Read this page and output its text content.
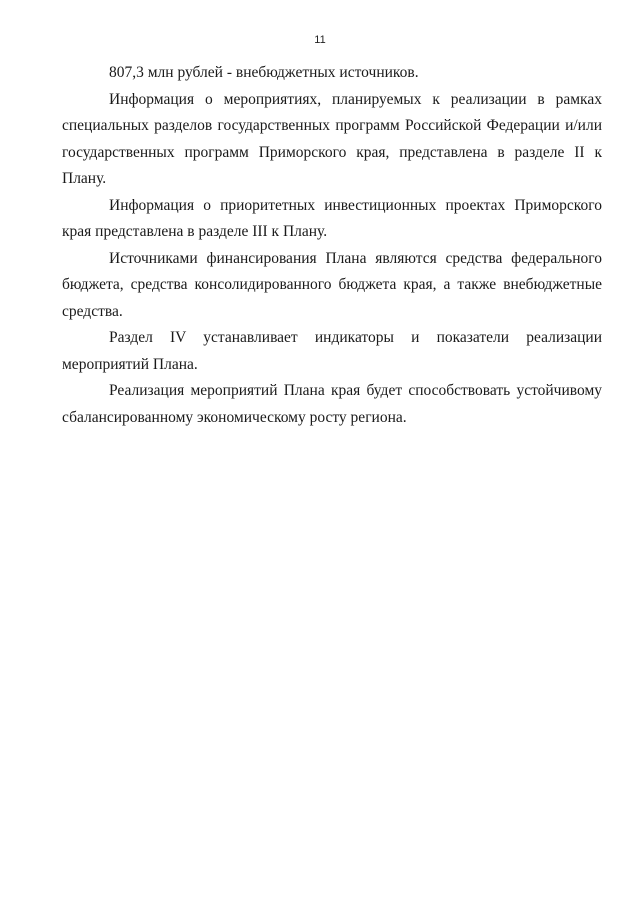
11

807,3 млн рублей - внебюджетных источников.

Информация о мероприятиях, планируемых к реализации в рамках специальных разделов государственных программ Российской Федерации и/или государственных программ Приморского края, представлена в разделе II к Плану.

Информация о приоритетных инвестиционных проектах Приморского края представлена в разделе III к Плану.

Источниками финансирования Плана являются средства федерального бюджета, средства консолидированного бюджета края, а также внебюджетные средства.

Раздел IV устанавливает индикаторы и показатели реализации мероприятий Плана.

Реализация мероприятий Плана края будет способствовать устойчивому сбалансированному экономическому росту региона.
